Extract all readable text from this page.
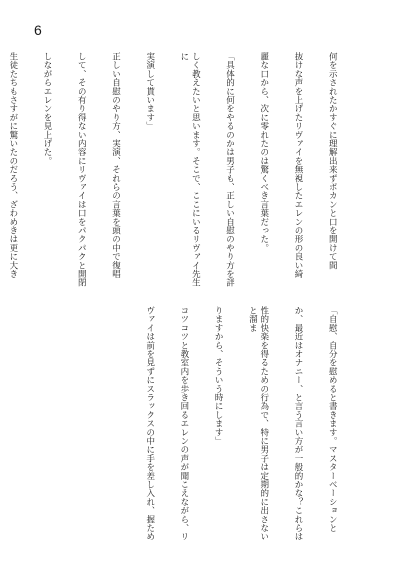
6

何を示されたかすぐに理解出来ずポカンと口を開けて間

抜けな声を上げたリヴァイを無視したエレンの形の良い綺

麗な口から、次に零れたのは驚くべき言葉だった。

「具体的に何をやるのかは男子も、正しい自慰のやり方を詳

しく教えたいと思います。そこで、ここにいるリヴァイ先生に

実演して貰います」

正しい自慰のやり方、実演、それらの言葉を頭の中で復唱

して、その有り得ない内容にリヴァイは口をパクパクと開閉

しながらエレンを見上げた。

生徒たちもさすがに驚いたのだろう、ざわめきは更に大き

「自慰、自分を慰めると書きます。マスターベーションと

か、最近はオナニー、と言う言い方が一般的かな？これらは

性的快楽を得るための行為で、特に男子は定期的に出さないと溜ま

りますから、そういう時にします」

コツコツと教室内を歩き回るエレンの声が聞こえながら、リ

ヴァイは前を見ずにスラックスの中に手を差し入れ、握ため
